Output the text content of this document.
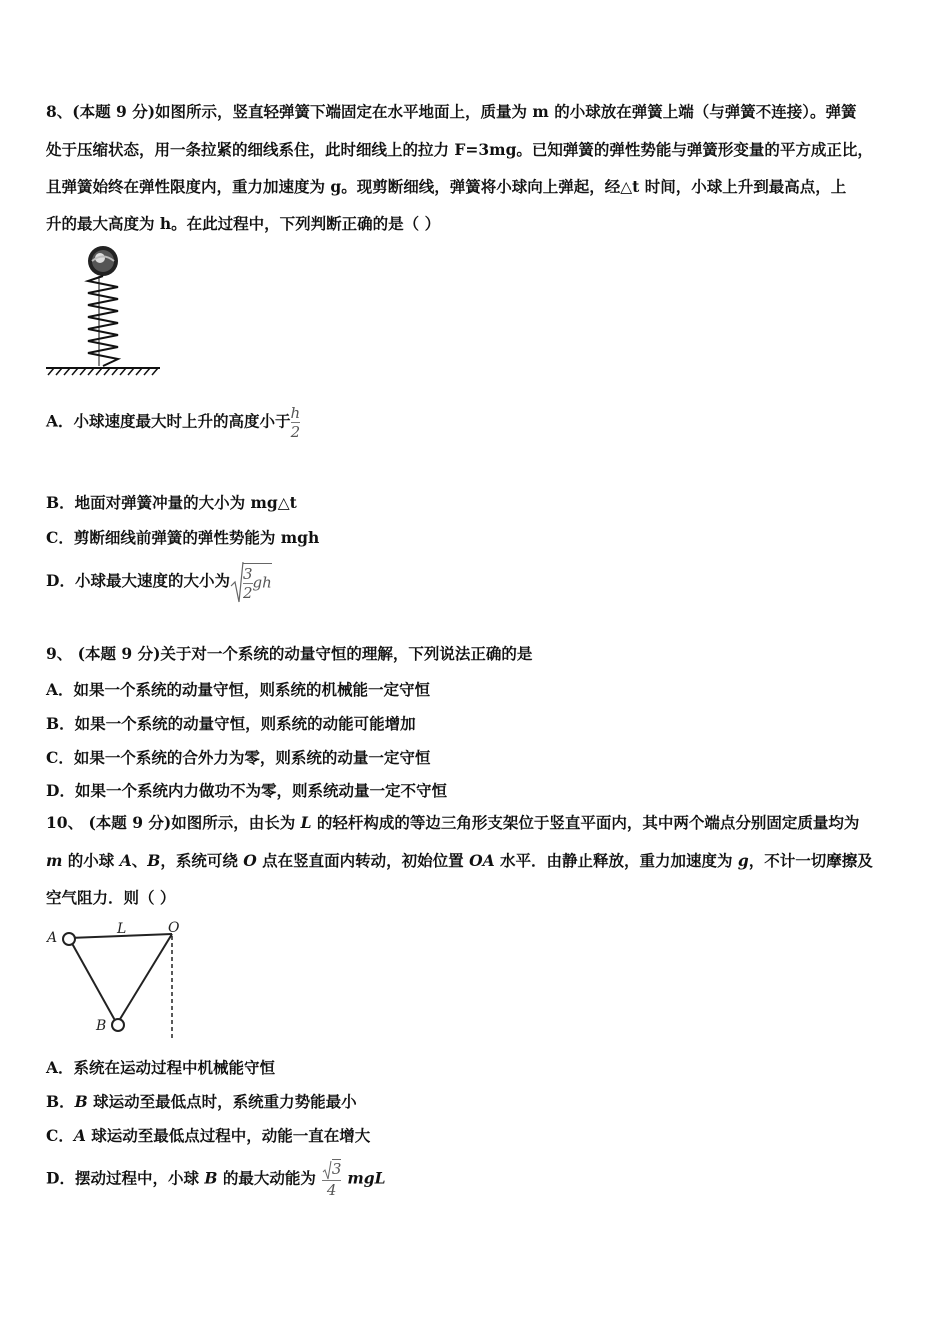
8、(本题 9 分)如图所示，竖直轻弹簧下端固定在水平地面上，质量为 m 的小球放在弹簧上端（与弹簧不连接）。弹簧
处于压缩状态，用一条拉紧的细线系住，此时细线上的拉力 F=3mg。已知弹簧的弹性势能与弹簧形变量的平方成正比，
且弹簧始终在弹性限度内，重力加速度为 g。现剪断细线，弹簧将小球向上弹起，经△t 时间，小球上升到最高点，上
升的最大高度为 h。在此过程中，下列判断正确的是（ ）
A．小球速度最大时上升的高度小于 $\frac{h}{2}$
B．地面对弹簧冲量的大小为 mg△t
C．剪断细线前弹簧的弹性势能为 mgh
D．小球最大速度的大小为 $\frac{3}{2}$ gh
9、 (本题 9 分)关于对一个系统的动量守恒的理解，下列说法正确的是
A．如果一个系统的动量守恒，则系统的机械能一定守恒
B．如果一个系统的动量守恒，则系统的动能可能增加
C．如果一个系统的合外力为零，则系统的动量一定守恒
D．如果一个系统内力做功不为零，则系统动量一定不守恒
10、 (本题 9 分)如图所示，由长为 L 的轻杆构成的等边三角形支架位于竖直平面内，其中两个端点分别固定质量均为
m 的小球 A、B，系统可绕 O 点在竖直面内转动，初始位置 OA 水平．由静止释放，重力加速度为 g，不计一切摩擦及
空气阻力．则（ ）
A
L	O
B
A．系统在运动过程中机械能守恒
B．B 球运动至最低点时，系统重力势能最小
C．A 球运动至最低点过程中，动能一直在增大
D．摆动过程中，小球 B 的最大动能为 $\frac{3}{4}$ mgL
